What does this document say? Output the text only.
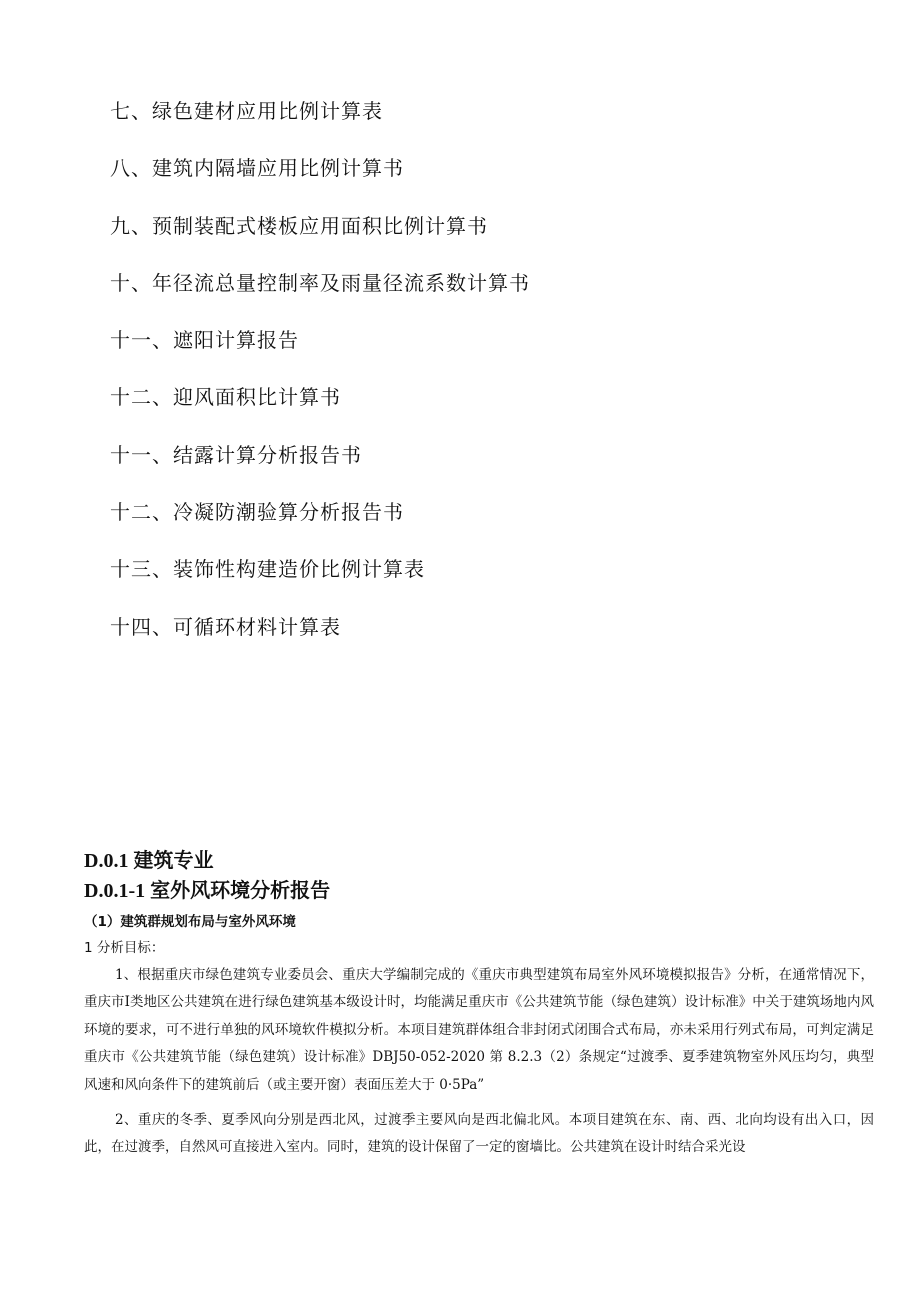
七、绿色建材应用比例计算表
八、建筑内隔墙应用比例计算书
九、预制装配式楼板应用面积比例计算书
十、年径流总量控制率及雨量径流系数计算书
十一、遮阳计算报告
十二、迎风面积比计算书
十一、结露计算分析报告书
十二、冷凝防潮验算分析报告书
十三、装饰性构建造价比例计算表
十四、可循环材料计算表
D.0.1 建筑专业
D.0.1-1 室外风环境分析报告
（1）建筑群规划布局与室外风环境
1 分析目标：

1、根据重庆市绿色建筑专业委员会、重庆大学编制完成的《重庆市典型建筑布局室外风环境模拟报告》分析，在通常情况下，重庆市Ⅰ类地区公共建筑在进行绿色建筑基本级设计时，均能满足重庆市《公共建筑节能（绿色建筑）设计标准》中关于建筑场地内风环境的要求，可不进行单独的风环境软件模拟分析。本项目建筑群体组合非封闭式闭围合式布局，亦未采用行列式布局，可判定满足重庆市《公共建筑节能（绿色建筑）设计标准》DBJ50-052-2020 第 8.2.3（2）条规定“过渡季、夏季建筑物室外风压均匀，典型风速和风向条件下的建筑前后（或主要开窗）表面压差大于 0·5Pa”

2、重庆的冬季、夏季风向分别是西北风，过渡季主要风向是西北偏北风。本项目建筑在东、南、西、北向均设有出入口，因此，在过渡季，自然风可直接进入室内。同时，建筑的设计保留了一定的窗墙比。公共建筑在设计时结合采光设
